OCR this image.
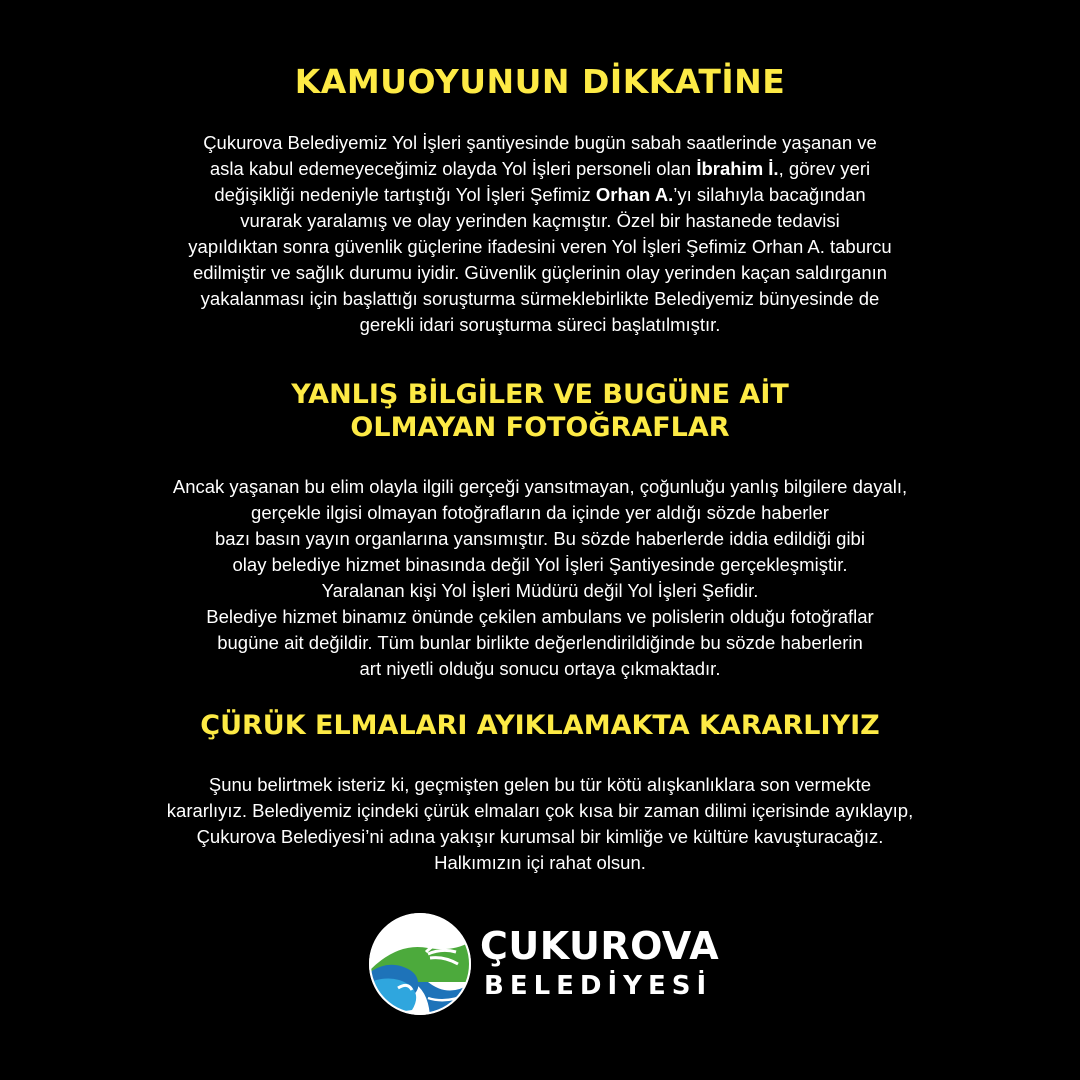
KAMUOYUNUN DİKKATİNE

Çukurova Belediyemiz Yol İşleri şantiyesinde bugün sabah saatlerinde yaşanan ve
asla kabul edemeyeceğimiz olayda Yol İşleri personeli olan İbrahim İ., görev yeri
değişikliği nedeniyle tartıştığı Yol İşleri Şefimiz Orhan A.’yı silahıyla bacağından
vurarak yaralamış ve olay yerinden kaçmıştır. Özel bir hastanede tedavisi
yapıldıktan sonra güvenlik güçlerine ifadesini veren Yol İşleri Şefimiz Orhan A. taburcu
edilmiştir ve sağlık durumu iyidir. Güvenlik güçlerinin olay yerinden kaçan saldırganın
yakalanması için başlattığı soruşturma sürmeklebirlikte Belediyemiz bünyesinde de
gerekli idari soruşturma süreci başlatılmıştır.

YANLIŞ BİLGİLER VE BUGÜNE AİT
OLMAYAN FOTOĞRAFLAR

Ancak yaşanan bu elim olayla ilgili gerçeği yansıtmayan, çoğunluğu yanlış bilgilere dayalı,
gerçekle ilgisi olmayan fotoğrafların da içinde yer aldığı sözde haberler
bazı basın yayın organlarına yansımıştır. Bu sözde haberlerde iddia edildiği gibi
olay belediye hizmet binasında değil Yol İşleri Şantiyesinde gerçekleşmiştir.
Yaralanan kişi Yol İşleri Müdürü değil Yol İşleri Şefidir.
Belediye hizmet binamız önünde çekilen ambulans ve polislerin olduğu fotoğraflar
bugüne ait değildir. Tüm bunlar birlikte değerlendirildiğinde bu sözde haberlerin
art niyetli olduğu sonucu ortaya çıkmaktadır.

ÇÜRÜK ELMALARI AYIKLAMAKTA KARARLIYIZ

Şunu belirtmek isteriz ki, geçmişten gelen bu tür kötü alışkanlıklara son vermekte
kararlıyız. Belediyemiz içindeki çürük elmaları çok kısa bir zaman dilimi içerisinde ayıklayıp,
Çukurova Belediyesi’ni adına yakışır kurumsal bir kimliğe ve kültüre kavuşturacağız.
Halkımızın içi rahat olsun.

ÇUKUROVA
BELEDİYESİ
